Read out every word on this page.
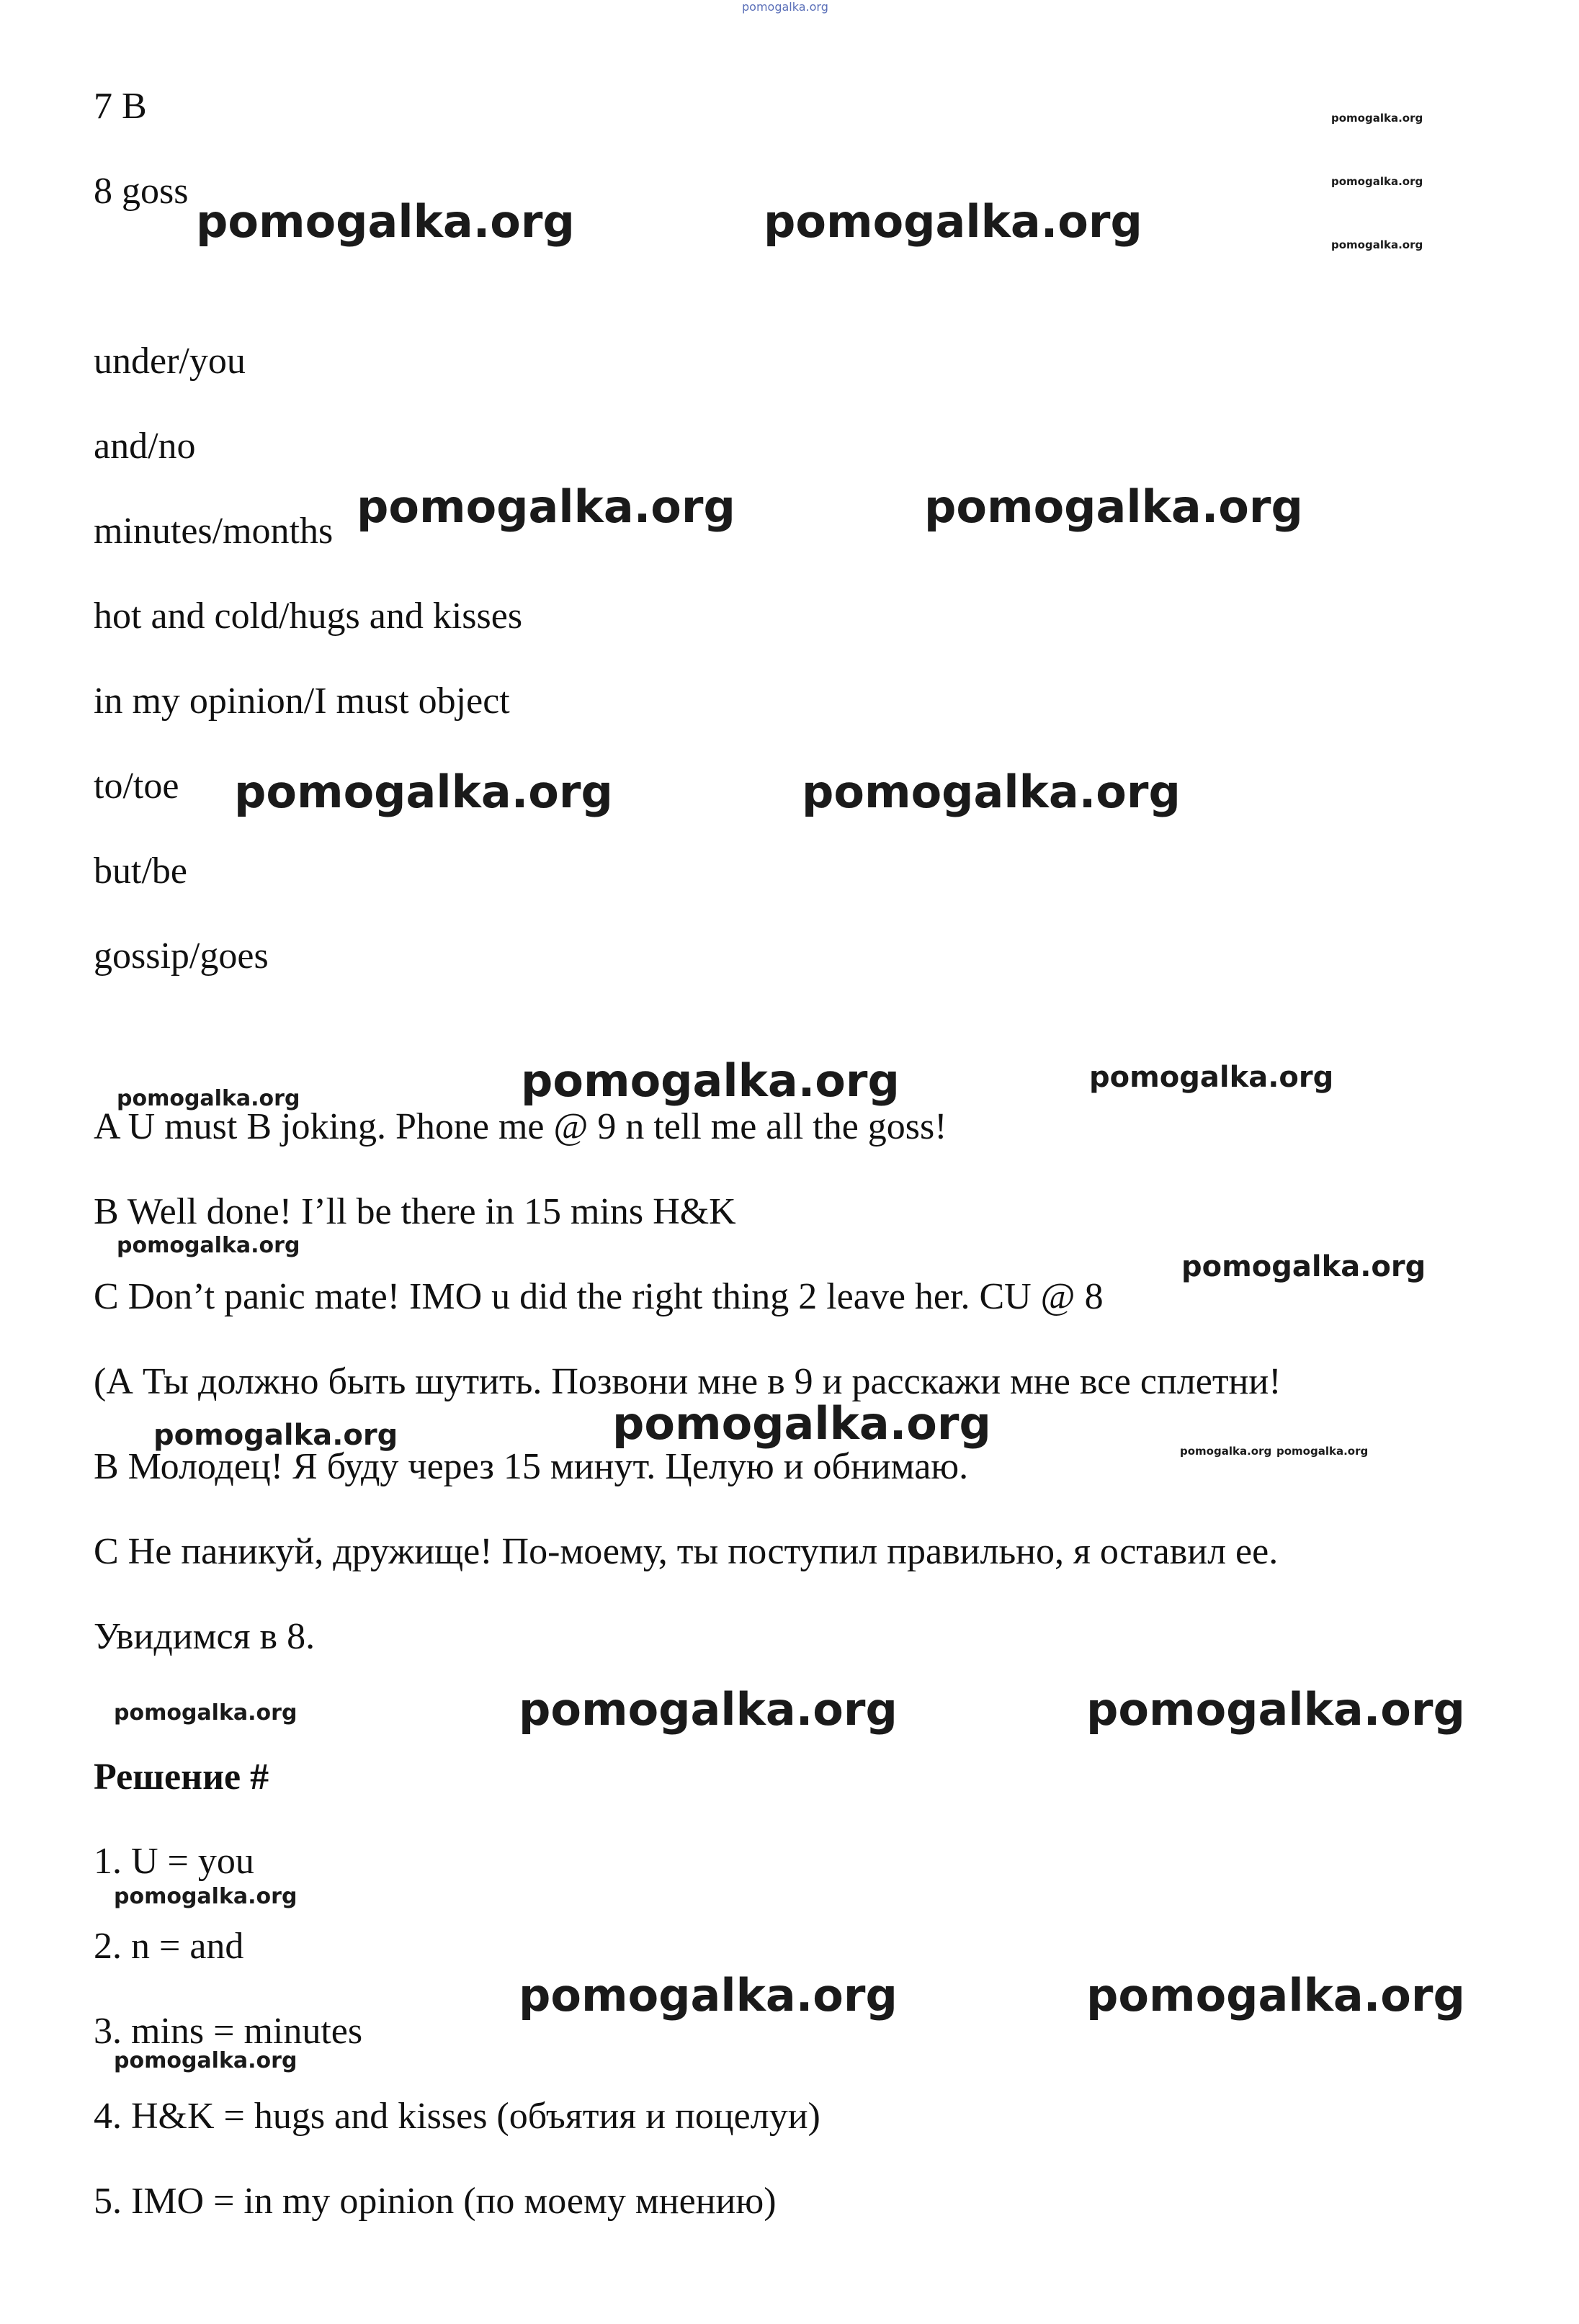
pomogalka.org
7 B
8 goss
under/you
and/no
minutes/months
hot and cold/hugs and kisses
in my opinion/I must object
to/toe
but/be
gossip/goes
A U must B joking. Phone me @ 9 n tell me all the goss!
B Well done! I’ll be there in 15 mins H&K
C Don’t panic mate! IMO u did the right thing 2 leave her. CU @ 8
(А Ты должно быть шутить. Позвони мне в 9 и расскажи мне все сплетни!
В Молодец! Я буду через 15 минут. Целую и обнимаю.
С Не паникуй, дружище! По-моему, ты поступил правильно, я оставил ее.
Увидимся в 8.
Решение #
1. U = you
2. n = and
3. mins = minutes
4. H&K = hugs and kisses (объятия и поцелуи)
5. IMO = in my opinion (по моему мнению)
pomogalka.org
pomogalka.org
pomogalka.org
pomogalka.org	pomogalka.org
pomogalka.org	pomogalka.org
pomogalka.org	pomogalka.org
pomogalka.org	pomogalka.org	pomogalka.org
pomogalka.org
pomogalka.org
pomogalka.org	pomogalka.org
pomogalka.org pomogalka.org
pomogalka.org	pomogalka.org	pomogalka.org
pomogalka.org
pomogalka.org	pomogalka.org
pomogalka.org
